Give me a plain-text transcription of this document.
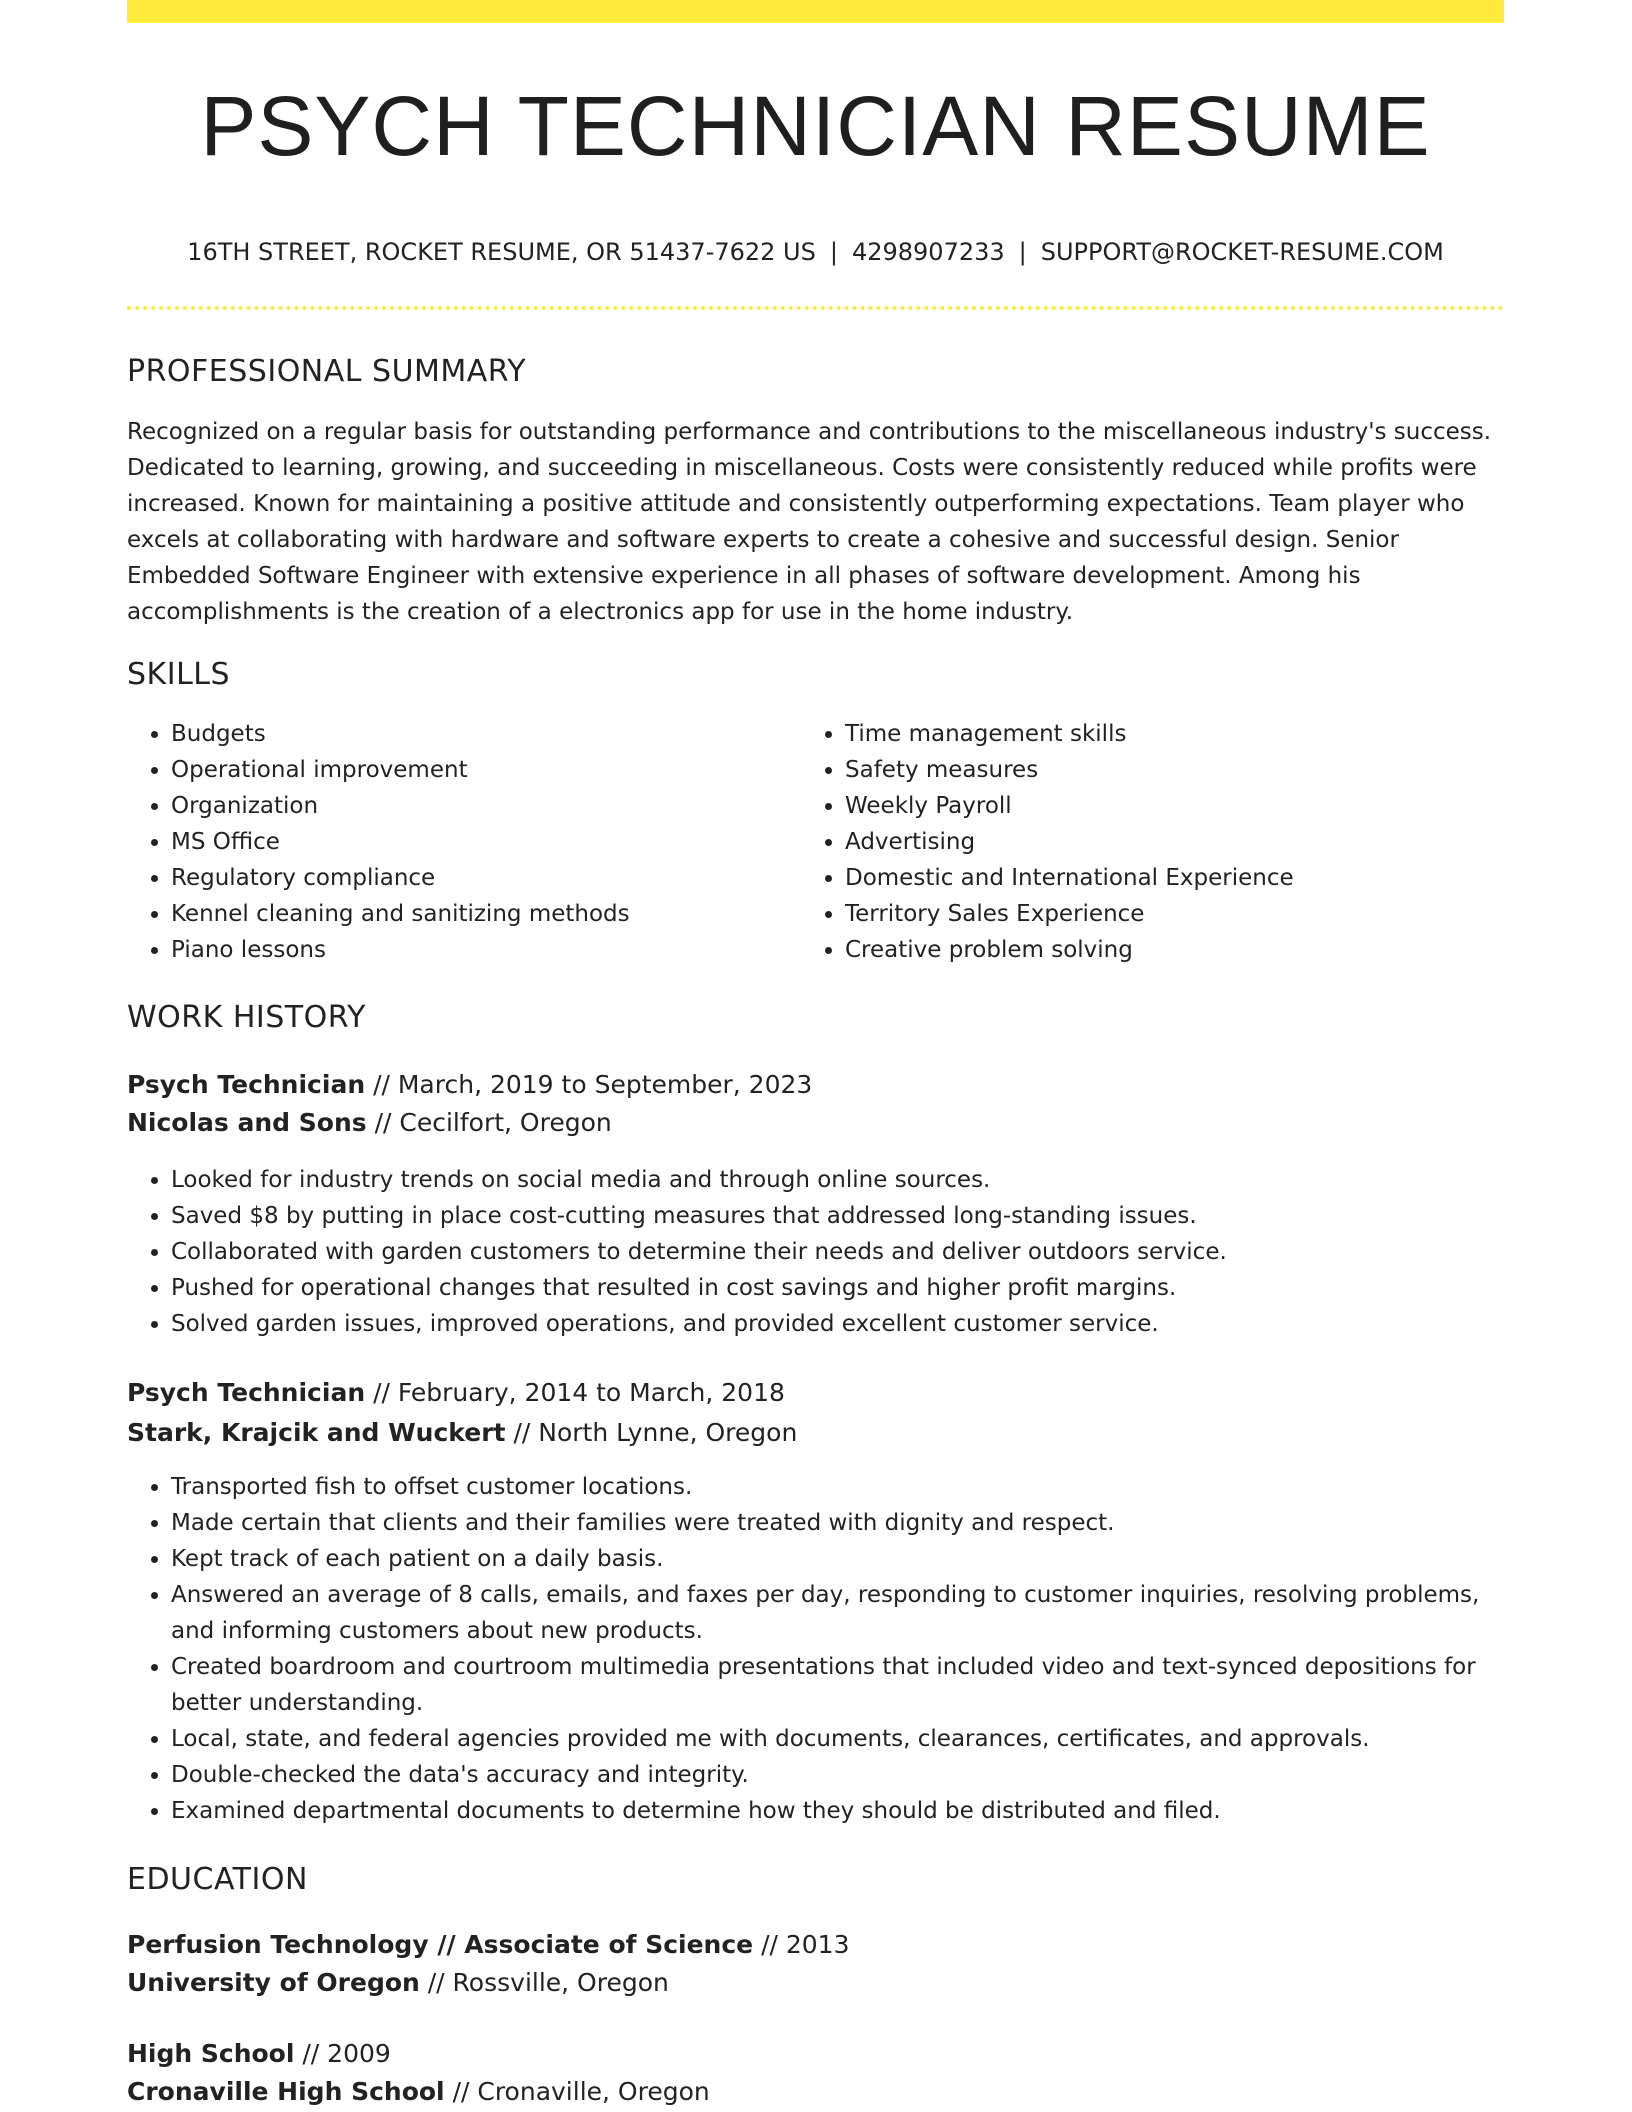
PSYCH TECHNICIAN RESUME
16TH STREET, ROCKET RESUME, OR 51437-7622 US | 4298907233 | SUPPORT@ROCKET-RESUME.COM
PROFESSIONAL SUMMARY

Recognized on a regular basis for outstanding performance and contributions to the miscellaneous industry's success. Dedicated to learning, growing, and succeeding in miscellaneous. Costs were consistently reduced while profits were increased. Known for maintaining a positive attitude and consistently outperforming expectations. Team player who excels at collaborating with hardware and software experts to create a cohesive and successful design. Senior Embedded Software Engineer with extensive experience in all phases of software development. Among his accomplishments is the creation of a electronics app for use in the home industry.

SKILLS
• Budgets
• Operational improvement
• Organization
• MS Office
• Regulatory compliance
• Kennel cleaning and sanitizing methods
• Piano lessons
• Time management skills
• Safety measures
• Weekly Payroll
• Advertising
• Domestic and International Experience
• Territory Sales Experience
• Creative problem solving
WORK HISTORY
Psych Technician // March, 2019 to September, 2023
Nicolas and Sons // Cecilfort, Oregon
• Looked for industry trends on social media and through online sources.
• Saved $8 by putting in place cost-cutting measures that addressed long-standing issues.
• Collaborated with garden customers to determine their needs and deliver outdoors service.
• Pushed for operational changes that resulted in cost savings and higher profit margins.
• Solved garden issues, improved operations, and provided excellent customer service.
Psych Technician // February, 2014 to March, 2018
Stark, Krajcik and Wuckert // North Lynne, Oregon
• Transported fish to offset customer locations.
• Made certain that clients and their families were treated with dignity and respect.
• Kept track of each patient on a daily basis.
• Answered an average of 8 calls, emails, and faxes per day, responding to customer inquiries, resolving problems, and informing customers about new products.
• Created boardroom and courtroom multimedia presentations that included video and text-synced depositions for better understanding.
• Local, state, and federal agencies provided me with documents, clearances, certificates, and approvals.
• Double-checked the data's accuracy and integrity.
• Examined departmental documents to determine how they should be distributed and filed.
EDUCATION
Perfusion Technology // Associate of Science // 2013
University of Oregon // Rossville, Oregon
High School // 2009
Cronaville High School // Cronaville, Oregon
